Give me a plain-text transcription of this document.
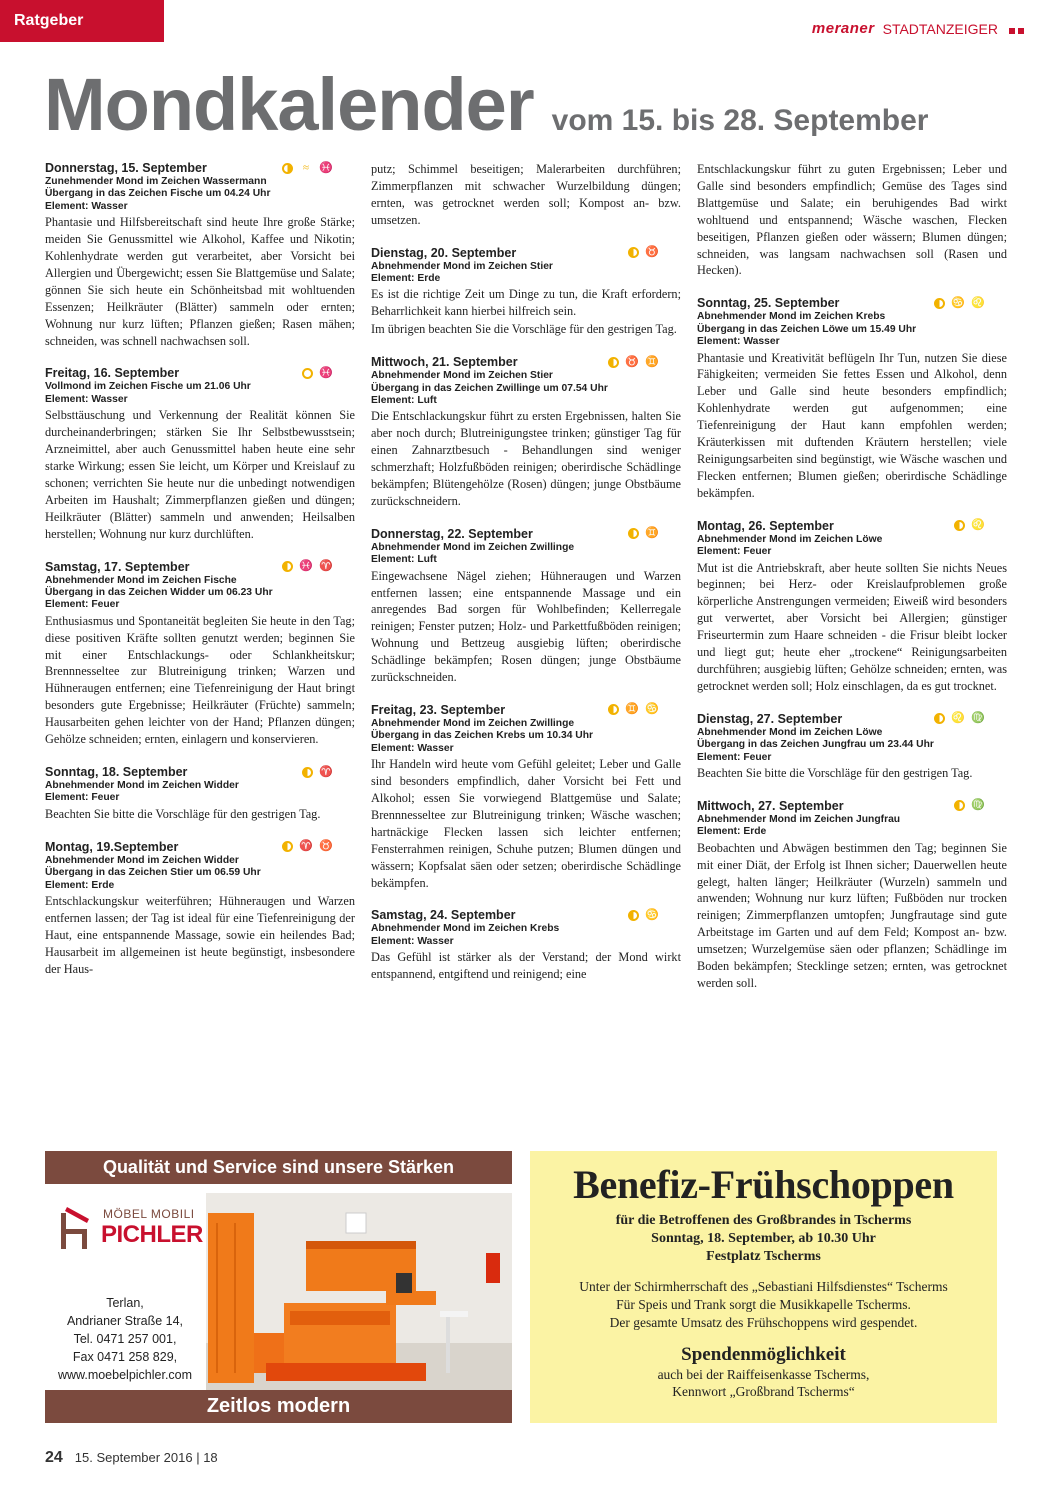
Ratgeber	meraner STADTANZEIGER
Mondkalender vom 15. bis 28. September
Donnerstag, 15. September	≈ ♓
Zunehmender Mond im Zeichen Wassermann
Übergang in das Zeichen Fische um 04.24 Uhr
Element: Wasser
Phantasie und Hilfsbereitschaft sind heute Ihre große Stärke; meiden Sie Genussmittel wie Alkohol, Kaffee und Nikotin; Kohlenhydrate werden gut verarbeitet, aber Vorsicht bei Allergien und Übergewicht; essen Sie Blattgemüse und Salate; gönnen Sie sich heute ein Schönheitsbad mit wohltuenden Essenzen; Heilkräuter (Blätter) sammeln oder ernten; Wohnung nur kurz lüften; Pflanzen gießen; Rasen mähen; schneiden, was schnell nachwachsen soll.
Freitag, 16. September	♓
Vollmond im Zeichen Fische um 21.06 Uhr
Element: Wasser
Selbsttäuschung und Verkennung der Realität können Sie durcheinanderbringen; stärken Sie Ihr Selbstbewusstsein; Arzneimittel, aber auch Genussmittel haben heute eine sehr starke Wirkung; essen Sie leicht, um Körper und Kreislauf zu schonen; verrichten Sie heute nur die unbedingt notwendigen Arbeiten im Haushalt; Zimmerpflanzen gießen und düngen; Heilkräuter (Blätter) sammeln und anwenden; Heilsalben herstellen; Wohnung nur kurz durchlüften.
Samstag, 17. September	♓ ♈
Abnehmender Mond im Zeichen Fische
Übergang in das Zeichen Widder um 06.23 Uhr
Element: Feuer
Enthusiasmus und Spontaneität begleiten Sie heute in den Tag; diese positiven Kräfte sollten genutzt werden; beginnen Sie mit einer Entschlackungs- oder Schlankheitskur; Brennnesseltee zur Blutreinigung trinken; Warzen und Hühneraugen entfernen; eine Tiefenreinigung der Haut bringt besonders gute Ergebnisse; Heilkräuter (Früchte) sammeln; Hausarbeiten gehen leichter von der Hand; Pflanzen düngen; Gehölze schneiden; ernten, einlagern und konservieren.
Sonntag, 18. September	♈
Abnehmender Mond im Zeichen Widder
Element: Feuer
Beachten Sie bitte die Vorschläge für den gestrigen Tag.
Montag, 19.September	♈ ♉
Abnehmender Mond im Zeichen Widder
Übergang in das Zeichen Stier um 06.59 Uhr
Element: Erde
Entschlackungskur weiterführen; Hühneraugen und Warzen entfernen lassen; der Tag ist ideal für eine Tiefenreinigung der Haut, eine entspannende Massage, sowie ein heilendes Bad; Hausarbeit im allgemeinen ist heute begünstigt, insbesondere der Haus-
putz; Schimmel beseitigen; Malerarbeiten durchführen; Zimmerpflanzen mit schwacher Wurzelbildung düngen; ernten, was getrocknet werden soll; Kompost an- bzw. umsetzen.
Dienstag, 20. September	♉
Abnehmender Mond im Zeichen Stier
Element: Erde
Es ist die richtige Zeit um Dinge zu tun, die Kraft erfordern; Beharrlichkeit kann hierbei hilfreich sein.
Im übrigen beachten Sie die Vorschläge für den gestrigen Tag.
Mittwoch, 21. September	♉ ♊
Abnehmender Mond im Zeichen Stier
Übergang in das Zeichen Zwillinge um 07.54 Uhr
Element: Luft
Die Entschlackungskur führt zu ersten Ergebnissen, halten Sie aber noch durch; Blutreinigungstee trinken; günstiger Tag für einen Zahnarztbesuch - Behandlungen sind weniger schmerzhaft; Holzfußböden reinigen; oberirdische Schädlinge bekämpfen; Blütengehölze (Rosen) düngen; junge Obstbäume zurückschneidern.
Donnerstag, 22. September	♊
Abnehmender Mond im Zeichen Zwillinge
Element: Luft
Eingewachsene Nägel ziehen; Hühneraugen und Warzen entfernen lassen; eine entspannende Massage und ein anregendes Bad sorgen für Wohlbefinden; Kellerregale reinigen; Fenster putzen; Holz- und Parkettfußböden reinigen; Wohnung und Bettzeug ausgiebig lüften; oberirdische Schädlinge bekämpfen; Rosen düngen; junge Obstbäume zurückschneiden.
Freitag, 23. September	♊ ♋
Abnehmender Mond im Zeichen Zwillinge
Übergang in das Zeichen Krebs um 10.34 Uhr
Element: Wasser
Ihr Handeln wird heute vom Gefühl geleitet; Leber und Galle sind besonders empfindlich, daher Vorsicht bei Fett und Alkohol; essen Sie vorwiegend Blattgemüse und Salate; Brennnesseltee zur Blutreinigung trinken; Wäsche waschen; hartnäckige Flecken lassen sich leichter entfernen; Fensterrahmen reinigen, Schuhe putzen; Blumen düngen und wässern; Kopfsalat säen oder setzen; oberirdische Schädlinge bekämpfen.
Samstag, 24. September	♋
Abnehmender Mond im Zeichen Krebs
Element: Wasser
Das Gefühl ist stärker als der Verstand; der Mond wirkt entspannend, entgiftend und reinigend; eine
Entschlackungskur führt zu guten Ergebnissen; Leber und Galle sind besonders empfindlich; Gemüse des Tages sind Blattgemüse und Salate; ein beruhigendes Bad wirkt wohltuend und entspannend; Wäsche waschen, Flecken beseitigen, Pflanzen gießen oder wässern; Blumen düngen; schneiden, was langsam nachwachsen soll (Rasen und Hecken).
Sonntag, 25. September	♋ ♌
Abnehmender Mond im Zeichen Krebs
Übergang in das Zeichen Löwe um 15.49 Uhr
Element: Wasser
Phantasie und Kreativität beflügeln Ihr Tun, nutzen Sie diese Fähigkeiten; vermeiden Sie fettes Essen und Alkohol, denn Leber und Galle sind heute besonders empfindlich; Kohlenhydrate werden gut aufgenommen; eine Tiefenreinigung der Haut kann empfohlen werden; Kräuterkissen mit duftenden Kräutern herstellen; viele Reinigungsarbeiten sind begünstigt, wie Wäsche waschen und Flecken entfernen; Blumen gießen; oberirdische Schädlinge bekämpfen.
Montag, 26. September	♌
Abnehmender Mond im Zeichen Löwe
Element: Feuer
Mut ist die Antriebskraft, aber heute sollten Sie nichts Neues beginnen; bei Herz- oder Kreislaufproblemen große körperliche Anstrengungen vermeiden; Eiweiß wird besonders gut verwertet, aber Vorsicht bei Allergien; günstiger Friseurtermin zum Haare schneiden - die Frisur bleibt locker und liegt gut; heute eher „trockene“ Reinigungsarbeiten durchführen; ausgiebig lüften; Gehölze schneiden; ernten, was getrocknet werden soll; Holz einschlagen, da es gut trocknet.
Dienstag, 27. September	♌ ♍
Abnehmender Mond im Zeichen Löwe
Übergang in das Zeichen Jungfrau um 23.44 Uhr
Element: Feuer
Beachten Sie bitte die Vorschläge für den gestrigen Tag.
Mittwoch, 27. September	♍
Abnehmender Mond im Zeichen Jungfrau
Element: Erde
Beobachten und Abwägen bestimmen den Tag; beginnen Sie mit einer Diät, der Erfolg ist Ihnen sicher; Dauerwellen heute gelegt, halten länger; Heilkräuter (Wurzeln) sammeln und anwenden; Wohnung nur kurz lüften; Fußböden nur trocken reinigen; Zimmerpflanzen umtopfen; Jungfrautage sind gute Arbeitstage im Garten und auf dem Feld; Kompost an- bzw. umsetzen; Wurzelgemüse säen oder pflanzen; Schädlinge im Boden bekämpfen; Stecklinge setzen; ernten, was getrocknet werden soll.
Qualität und Service sind unsere Stärken
MÖBEL MOBILI
PICHLER
Terlan,
Andrianer Straße 14,
Tel. 0471 257 001,
Fax 0471 258 829,
www.moebelpichler.com
Zeitlos modern
Benefiz-Frühschoppen
für die Betroffenen des Großbrandes in Tscherms
Sonntag, 18. September, ab 10.30 Uhr
Festplatz Tscherms
Unter der Schirmherrschaft des „Sebastiani Hilfsdienstes“ Tscherms
Für Speis und Trank sorgt die Musikkapelle Tscherms.
Der gesamte Umsatz des Frühschoppens wird gespendet.
Spendenmöglichkeit
auch bei der Raiffeisenkasse Tscherms,
Kennwort „Großbrand Tscherms“
24 15. September 2016 | 18
